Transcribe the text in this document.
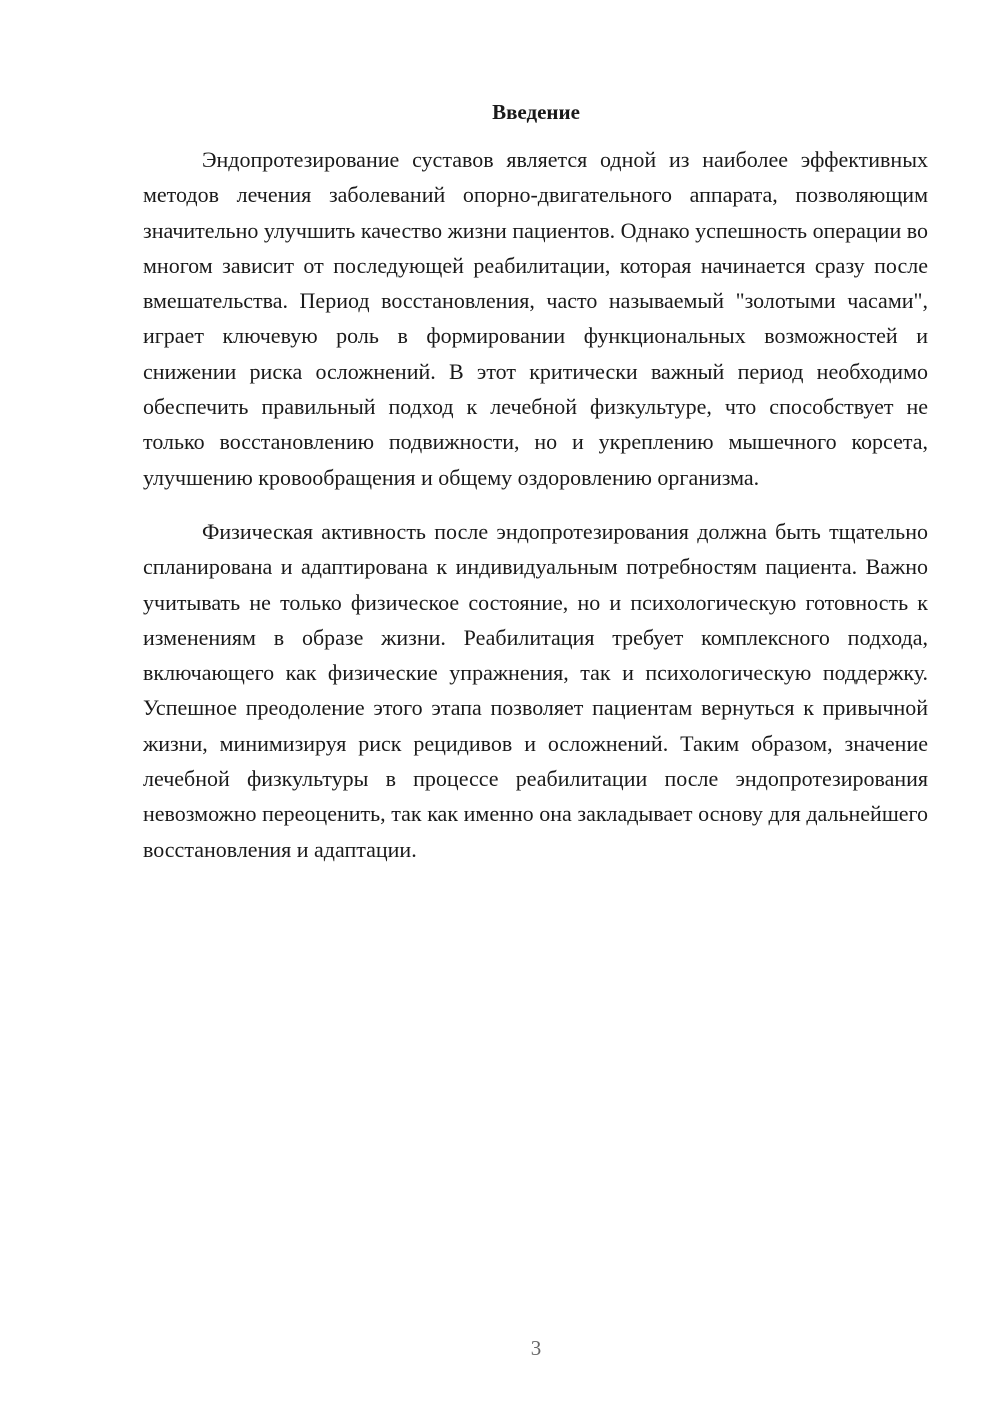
Введение

Эндопротезирование суставов является одной из наиболее эффективных методов лечения заболеваний опорно-двигательного аппарата, позволяющим значительно улучшить качество жизни пациентов. Однако успешность операции во многом зависит от последующей реабилитации, которая начинается сразу после вмешательства. Период восстановления, часто называемый "золотыми часами", играет ключевую роль в формировании функциональных возможностей и снижении риска осложнений. В этот критически важный период необходимо обеспечить правильный подход к лечебной физкультуре, что способствует не только восстановлению подвижности, но и укреплению мышечного корсета, улучшению кровообращения и общему оздоровлению организма.

Физическая активность после эндопротезирования должна быть тщательно спланирована и адаптирована к индивидуальным потребностям пациента. Важно учитывать не только физическое состояние, но и психологическую готовность к изменениям в образе жизни. Реабилитация требует комплексного подхода, включающего как физические упражнения, так и психологическую поддержку. Успешное преодоление этого этапа позволяет пациентам вернуться к привычной жизни, минимизируя риск рецидивов и осложнений. Таким образом, значение лечебной физкультуры в процессе реабилитации после эндопротезирования невозможно переоценить, так как именно она закладывает основу для дальнейшего восстановления и адаптации.

3
